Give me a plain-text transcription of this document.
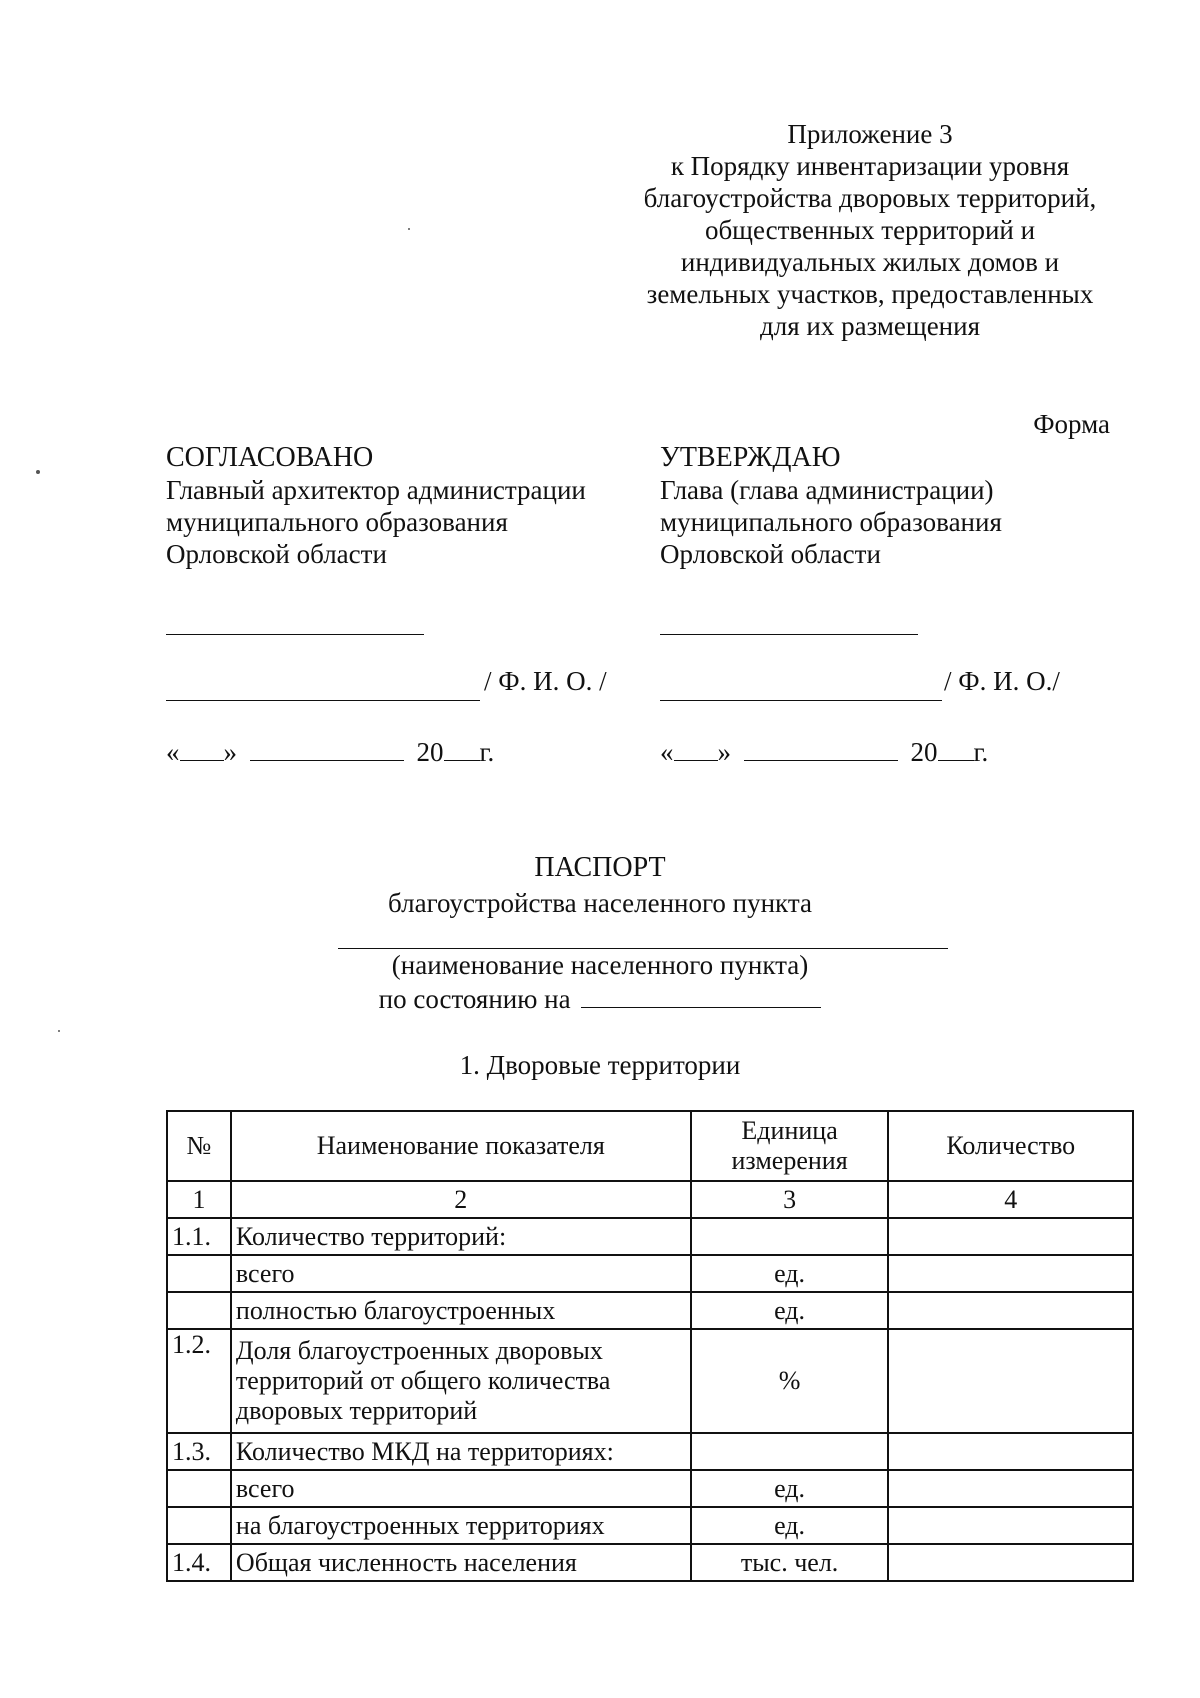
Приложение 3
к Порядку инвентаризации уровня
благоустройства дворовых территорий,
общественных территорий и
индивидуальных жилых домов и
земельных участков, предоставленных
для их размещения
Форма
СОГЛАСОВАНО
Главный архитектор администрации
муниципального образования
Орловской области
УТВЕРЖДАЮ
Глава (глава администрации)
муниципального образования
Орловской области
/ Ф. И. О. /	/ Ф. И. О./
« »	20 г.	« »	20 г.
ПАСПОРТ
благоустройства населенного пункта
(наименование населенного пункта)
по состоянию на
1. Дворовые территории
№	Наименование показателя	Единица измерения	Количество
1	2	3	4
1.1.	Количество территорий:		
	всего	ед.	
	полностью благоустроенных	ед.	
1.2.	Доля благоустроенных дворовых территорий от общего количества дворовых территорий	%	
1.3.	Количество МКД на территориях:		
	всего	ед.	
	на благоустроенных территориях	ед.	
1.4.	Общая численность населения	тыс. чел.	
